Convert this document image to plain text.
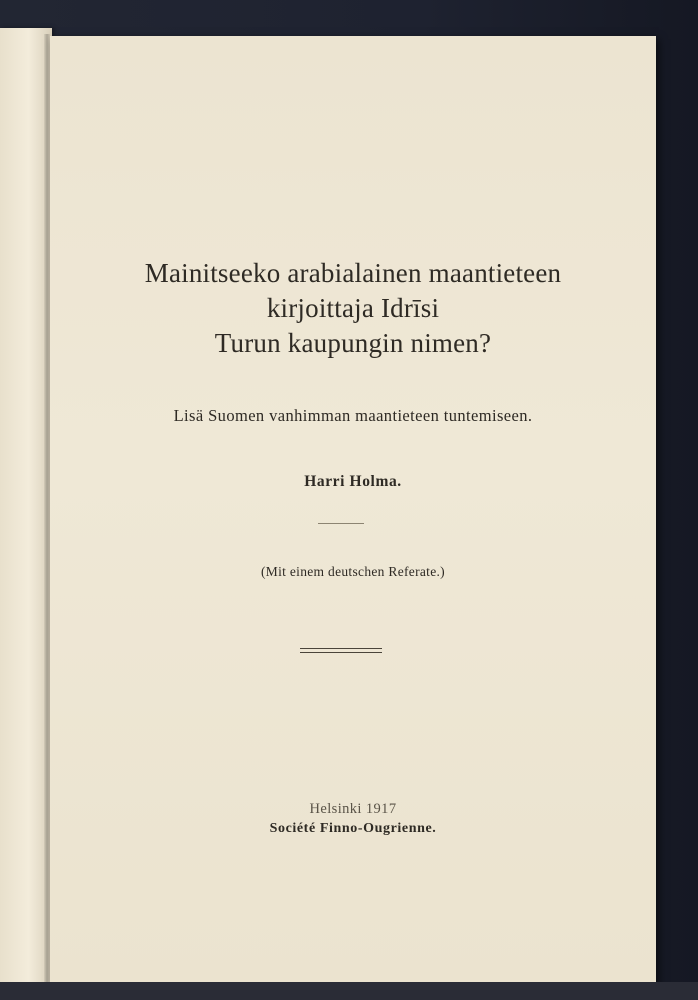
Mainitseeko arabialainen maantieteen
kirjoittaja Idrīsi
Turun kaupungin nimen?
Lisä Suomen vanhimman maantieteen tuntemiseen.
Harri Holma.
(Mit einem deutschen Referate.)
Helsinki 1917
Société Finno-Ougrienne.
